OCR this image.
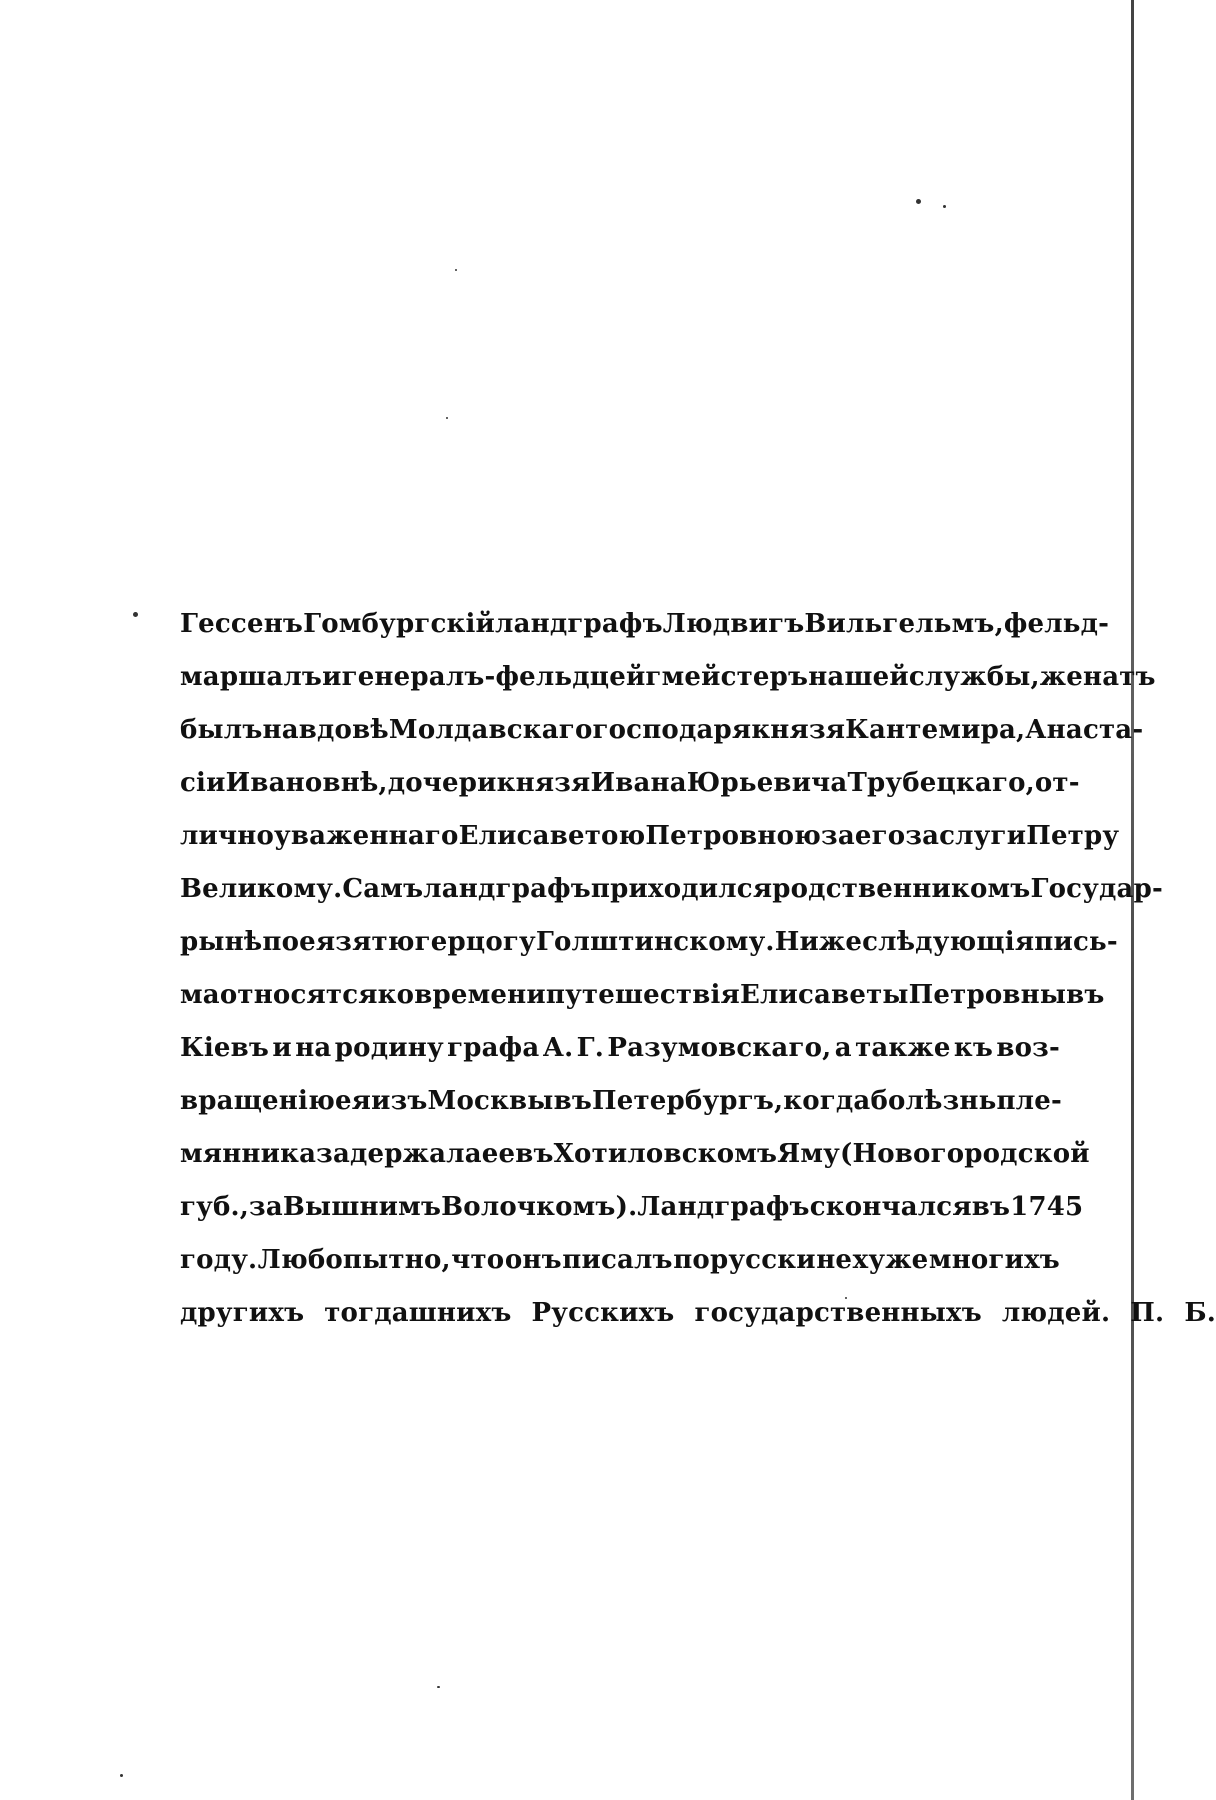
Гессенъ Гомбургскій ландграфъ Людвигъ Вильгельмъ, фельд-
маршалъ и генералъ-фельдцейгмейстеръ нашей службы, женатъ
былъ на вдовѣ Молдавскаго господаря князя Кантемира, Анаста-
сіи Ивановнѣ, дочери князя Ивана Юрьевича Трубецкаго, от-
лично уваженнаго Елисаветою Петровною за его заслуги Петру
Великому. Самъ ландграфъ приходился родственникомъ Государ-
рынѣ по ея зятю герцогу Голштинскому. Нижеслѣдующія пись-
ма относятся ко времени путешествія Елисаветы Петровны въ
Кіевъ и на родину графа А. Г. Разумовскаго, а также къ воз-
вращенію ея изъ Москвы въ Петербургъ, когда болѣзнь пле-
мянника задержала ее въ Хотиловскомъ Яму (Новогородской
губ., за Вышнимъ Волочкомъ). Ландграфъ скончался въ 1745
году. Любопытно, что онъ писалъ порусски не хуже многихъ
другихъ тогдашнихъ Русскихъ государственныхъ людей. П. Б.
